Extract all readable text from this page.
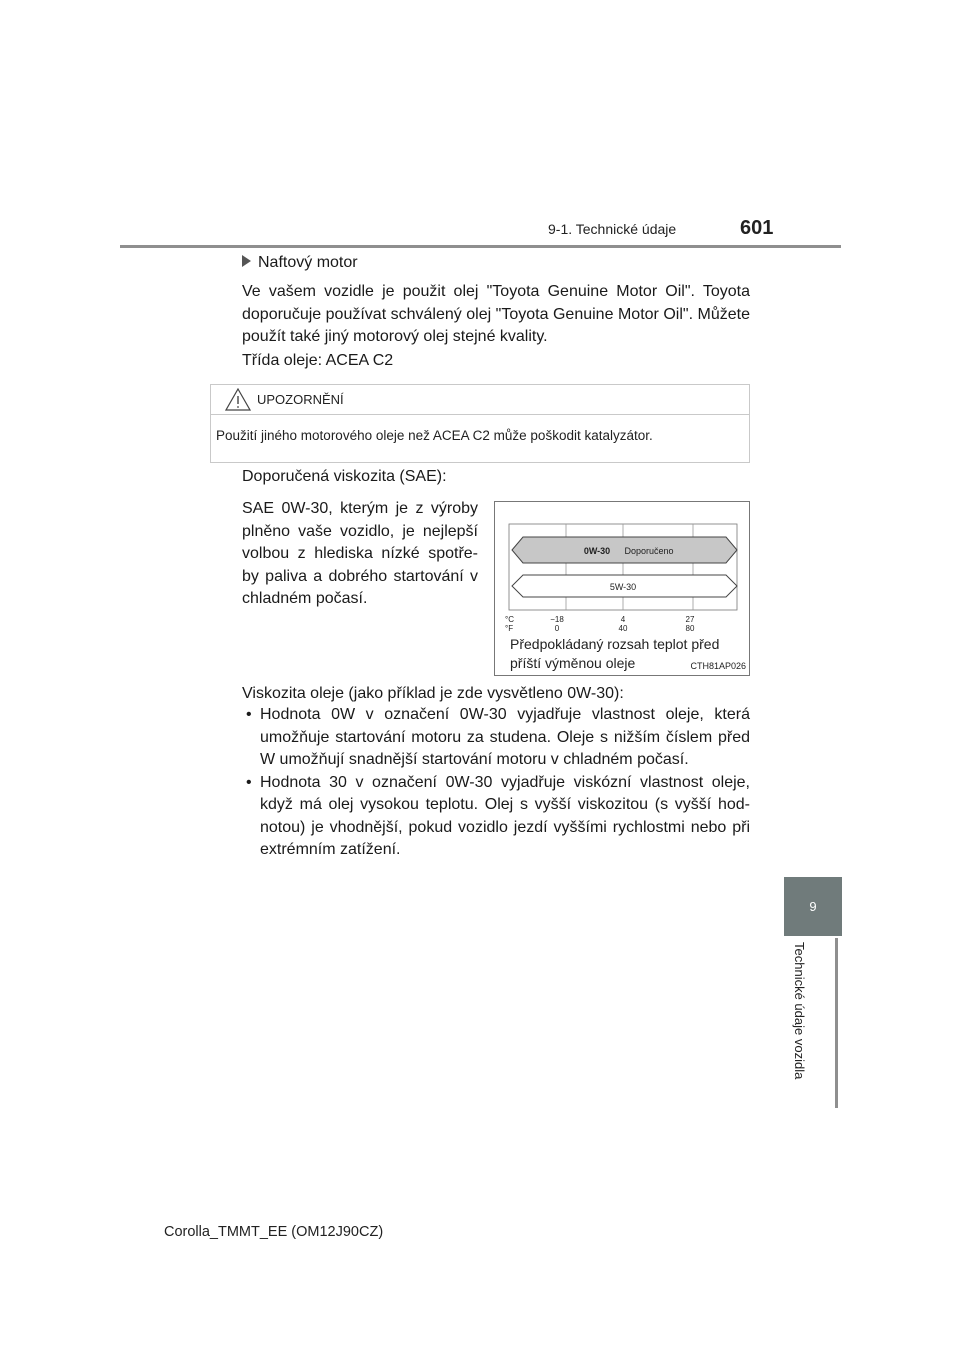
9-1. Technické údaje	601
Naftový motor
Ve vašem vozidle je použit olej "Toyota Genuine Motor Oil". Toyota doporučuje používat schválený olej "Toyota Genuine Motor Oil". Můžete použít také jiný motorový olej stejné kvality.
Třída oleje: ACEA C2
UPOZORNĚNÍ
Použití jiného motorového oleje než ACEA C2 může poškodit katalyzátor.
Doporučená viskozita (SAE):
SAE 0W-30, kterým je z výroby plněno vaše vozidlo, je nejlepší volbou z hlediska nízké spotře-by paliva a dobrého startování v chladném počasí.
0W-30 Doporučeno
5W-30
°C
°F
−18	4	27
0	40	80
Předpokládaný rozsah teplot před
příští výměnou oleje	CTH81AP026
Viskozita oleje (jako příklad je zde vysvětleno 0W-30):
• Hodnota 0W v označení 0W-30 vyjadřuje vlastnost oleje, která umožňuje startování motoru za studena. Oleje s nižším číslem před W umožňují snadnější startování motoru v chladném počasí.
• Hodnota 30 v označení 0W-30 vyjadřuje viskózní vlastnost oleje, když má olej vysokou teplotu. Olej s vyšší viskozitou (s vyšší hod-notou) je vhodnější, pokud vozidlo jezdí vyššími rychlostmi nebo při extrémním zatížení.
9
Technické údaje vozidla
Corolla_TMMT_EE (OM12J90CZ)
